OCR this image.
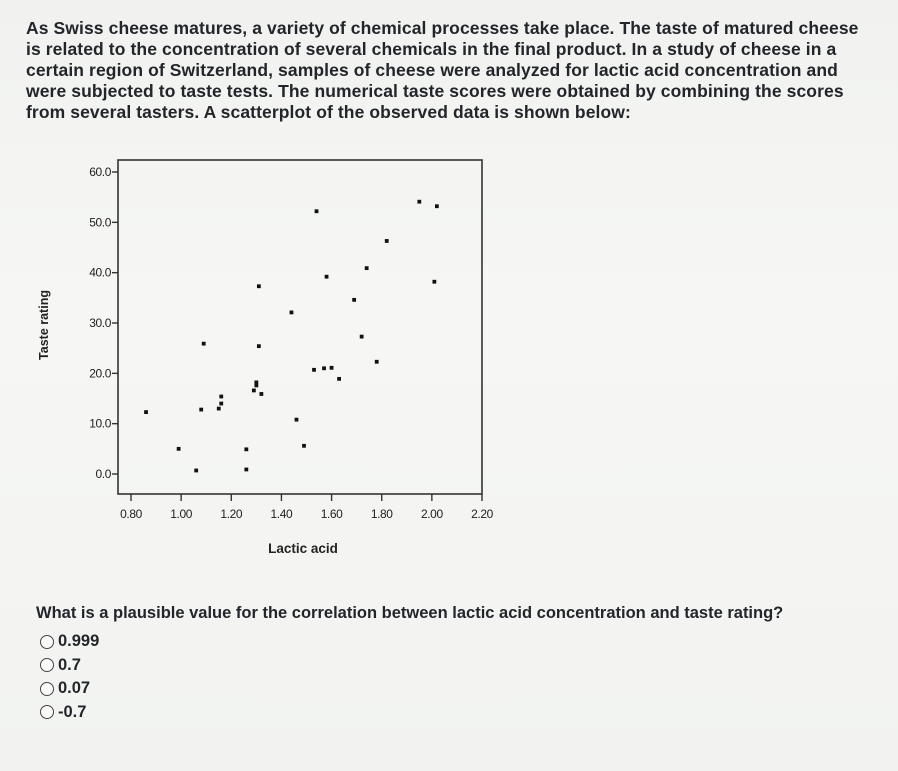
As Swiss cheese matures, a variety of chemical processes take place. The taste of matured cheese is related to the concentration of several chemicals in the final product. In a study of cheese in a certain region of Switzerland, samples of cheese were analyzed for lactic acid concentration and were subjected to taste tests. The numerical taste scores were obtained by combining the scores from several tasters. A scatterplot of the observed data is shown below:

0.0
10.0
20.0
30.0
40.0
50.0
60.0
0.80 1.00 1.20 1.40 1.60 1.80 2.00 2.20
Lactic acid
Taste rating

What is a plausible value for the correlation between lactic acid concentration and taste rating?

0.999
0.7
0.07
-0.7
